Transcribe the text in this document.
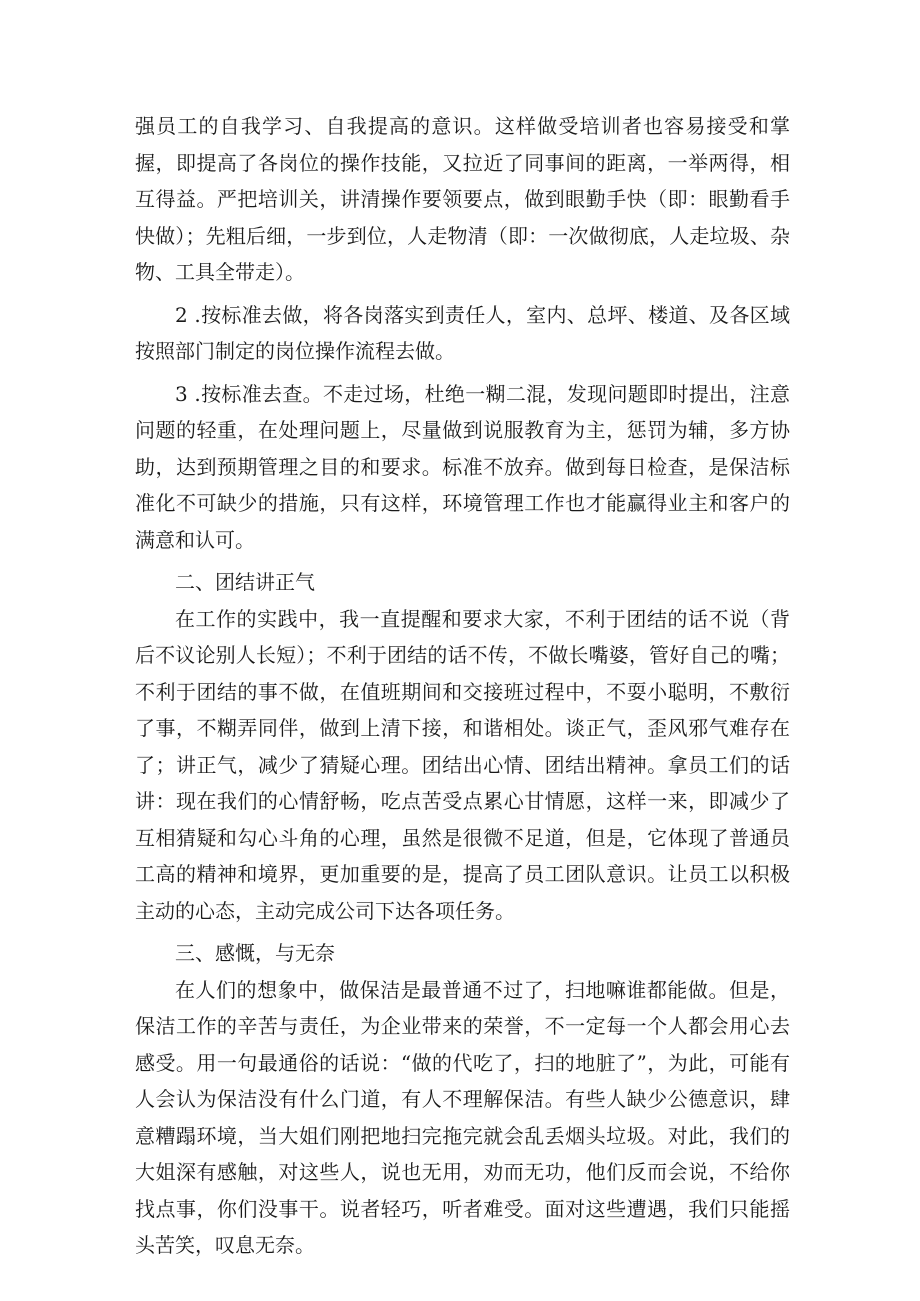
强员工的自我学习、自我提高的意识。这样做受培训者也容易接受和掌握，即提高了各岗位的操作技能，又拉近了同事间的距离，一举两得，相互得益。严把培训关，讲清操作要领要点，做到眼勤手快（即：眼勤看手快做）；先粗后细，一步到位，人走物清（即：一次做彻底，人走垃圾、杂物、工具全带走）。

2 .按标准去做，将各岗落实到责任人，室内、总坪、楼道、及各区域按照部门制定的岗位操作流程去做。

3 .按标准去查。不走过场，杜绝一糊二混，发现问题即时提出，注意问题的轻重，在处理问题上，尽量做到说服教育为主，惩罚为辅，多方协助，达到预期管理之目的和要求。标准不放弃。做到每日检查，是保洁标准化不可缺少的措施，只有这样，环境管理工作也才能赢得业主和客户的满意和认可。

二、团结讲正气

在工作的实践中，我一直提醒和要求大家，不利于团结的话不说（背后不议论别人长短）；不利于团结的话不传，不做长嘴婆，管好自己的嘴；不利于团结的事不做，在值班期间和交接班过程中，不耍小聪明，不敷衍了事，不糊弄同伴，做到上清下接，和谐相处。谈正气，歪风邪气难存在了；讲正气，减少了猜疑心理。团结出心情、团结出精神。拿员工们的话讲：现在我们的心情舒畅，吃点苦受点累心甘情愿，这样一来，即减少了互相猜疑和勾心斗角的心理，虽然是很微不足道，但是，它体现了普通员工高的精神和境界，更加重要的是，提高了员工团队意识。让员工以积极主动的心态，主动完成公司下达各项任务。

三、感慨，与无奈

在人们的想象中，做保洁是最普通不过了，扫地嘛谁都能做。但是，保洁工作的辛苦与责任，为企业带来的荣誉，不一定每一个人都会用心去感受。用一句最通俗的话说：“做的代吃了，扫的地脏了”，为此，可能有人会认为保洁没有什么门道，有人不理解保洁。有些人缺少公德意识，肆意糟蹋环境，当大姐们刚把地扫完拖完就会乱丢烟头垃圾。对此，我们的大姐深有感触，对这些人，说也无用，劝而无功，他们反而会说，不给你找点事，你们没事干。说者轻巧，听者难受。面对这些遭遇，我们只能摇头苦笑，叹息无奈。
